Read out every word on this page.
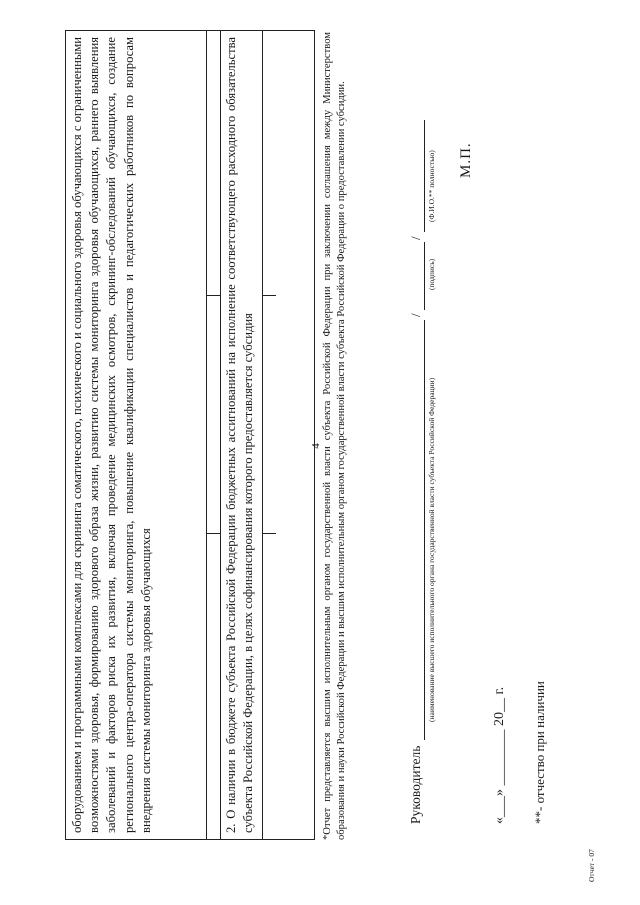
4
оборудованием и программными комплексами для скрининга соматического, психического и социального здоровья обучающихся с ограниченными возможностями здоровья, формированию здорового образа жизни, развитию системы мониторинга здоровья обучающихся, раннего выявления заболеваний и факторов риска их развития, включая проведение медицинских осмотров, скрининг-обследований обучающихся, создание регионального центра-оператора системы мониторинга, повышение квалификации специалистов и педагогических работников по вопросам внедрения системы мониторинга здоровья обучающихся	2. О наличии в бюджете субъекта Российской Федерации бюджетных ассигнований на исполнение соответствующего расходного обязательства субъекта Российской Федерации, в целях софинансирования которого предоставляется субсидия	*Отчет представляется высшим исполнительным органом государственной власти субъекта Российской Федерации при заключении соглашения между Министерством образования и науки Российской Федерации и высшим исполнительным органом государственной власти субъекта Российской Федерации о предоставлении субсидии.	Руководитель
(наименование высшего исполнительного органа государственной власти субъекта Российской Федерации)
/
(подпись)
/
(Ф.И.О.** полностью) М.П.
«___» ________ 20__ г. **- отчество при наличии
Отчет - 07
